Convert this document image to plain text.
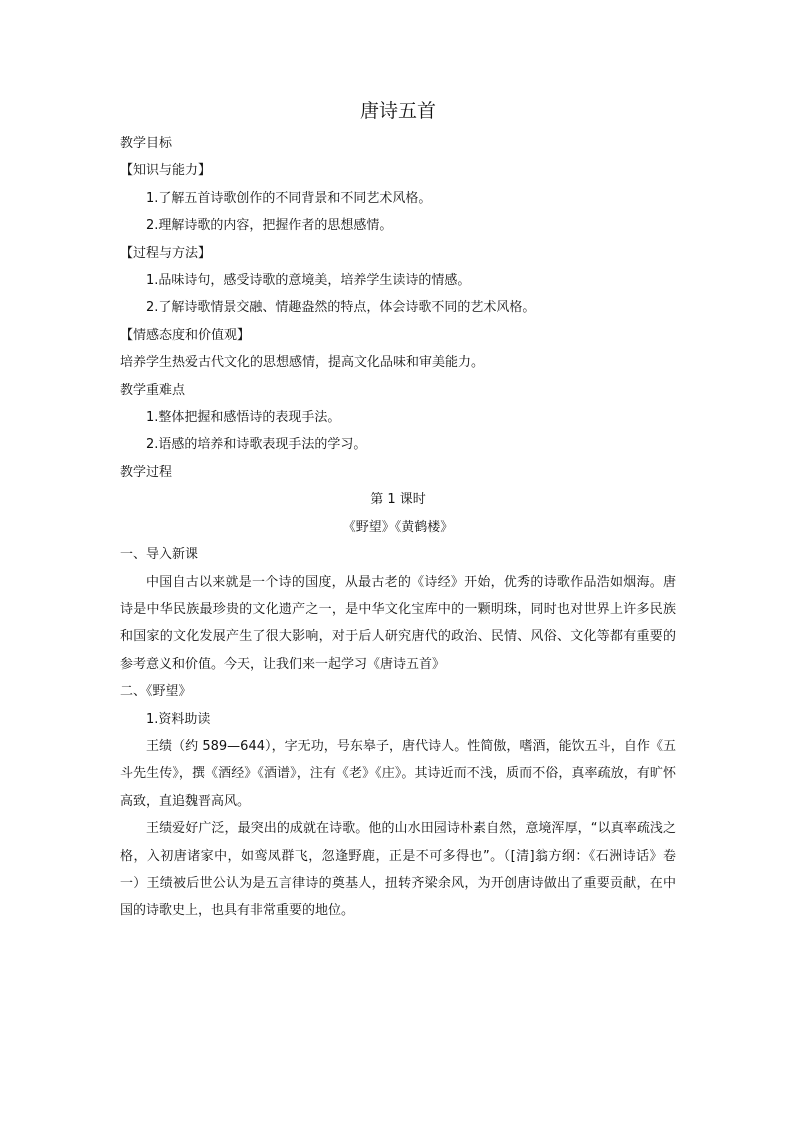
唐诗五首
教学目标
【知识与能力】
1.了解五首诗歌创作的不同背景和不同艺术风格。
2.理解诗歌的内容，把握作者的思想感情。
【过程与方法】
1.品味诗句，感受诗歌的意境美，培养学生读诗的情感。
2.了解诗歌情景交融、情趣盎然的特点，体会诗歌不同的艺术风格。
【情感态度和价值观】
培养学生热爱古代文化的思想感情，提高文化品味和审美能力。
教学重难点
1.整体把握和感悟诗的表现手法。
2.语感的培养和诗歌表现手法的学习。
教学过程
第 1 课时
《野望》《黄鹤楼》
一、导入新课

中国自古以来就是一个诗的国度，从最古老的《诗经》开始，优秀的诗歌作品浩如烟海。唐诗是中华民族最珍贵的文化遗产之一，是中华文化宝库中的一颗明珠，同时也对世界上许多民族和国家的文化发展产生了很大影响，对于后人研究唐代的政治、民情、风俗、文化等都有重要的参考意义和价值。今天，让我们来一起学习《唐诗五首》

二、《野望》
1.资料助读

王绩（约 589—644），字无功，号东皋子，唐代诗人。性简傲，嗜酒，能饮五斗，自作《五斗先生传》，撰《酒经》《酒谱》，注有《老》《庄》。其诗近而不浅，质而不俗，真率疏放，有旷怀高致，直追魏晋高风。

王绩爱好广泛，最突出的成就在诗歌。他的山水田园诗朴素自然，意境浑厚，“以真率疏浅之格，入初唐诸家中，如鸾凤群飞，忽逢野鹿，正是不可多得也”。（[清]翁方纲：《石洲诗话》卷一）王绩被后世公认为是五言律诗的奠基人，扭转齐梁余风，为开创唐诗做出了重要贡献，在中国的诗歌史上，也具有非常重要的地位。
